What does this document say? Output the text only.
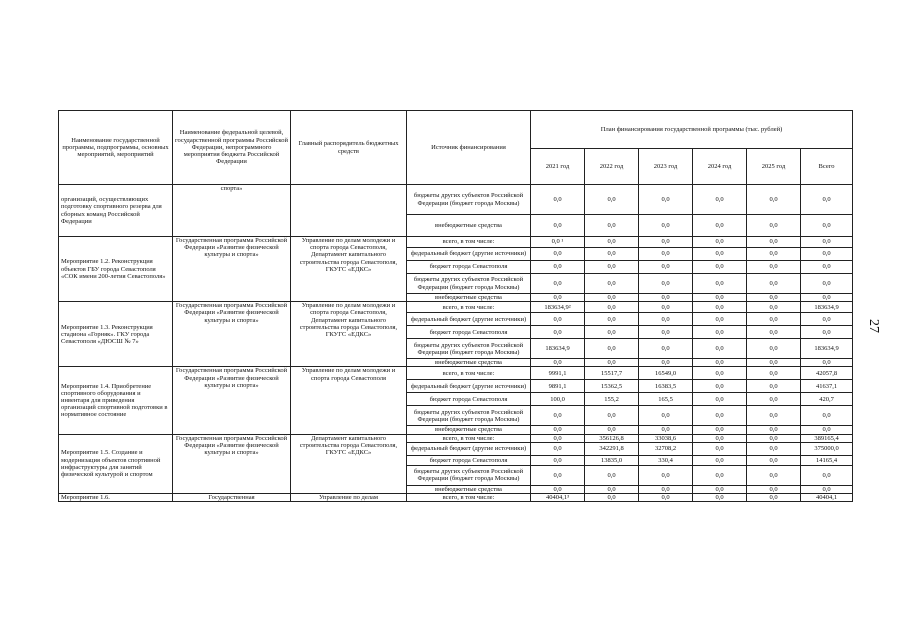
Наименование государственной программы, подпрограммы, основных мероприятий, мероприятий	Наименование федеральной целевой, государственной программы Российской Федерации, непрограммного мероприятия бюджета Российской Федерации	Главный распорядитель бюджетных средств	Источник финансирования	План финансирования государственной программы (тыс. рублей)					
				2021 год	2022 год	2023 год	2024 год	2025 год	Всего
организаций, осуществляющих подготовку спортивного резерва для сборных команд Российской Федерации	спорта»		бюджеты других субъектов Российской Федерации (бюджет города Москвы)	0,0	0,0	0,0	0,0	0,0	0,0
			внебюджетные средства	0,0	0,0	0,0	0,0	0,0	0,0
Мероприятие 1.2. Реконструкция объектов ГБУ города Севастополя «СОК имени 200-летия Севастополя»	Государственная программа Российской Федерации «Развитие физической культуры и спорта»	Управление по делам молодежи и спорта города Севастополя, Департамент капитального строительства города Севастополя, ГКУГС «ЕДКС»	всего, в том числе:	0,0 ¹	0,0	0,0	0,0	0,0	0,0
			федеральный бюджет (другие источники)	0,0	0,0	0,0	0,0	0,0	0,0
			бюджет города Севастополя	0,0	0,0	0,0	0,0	0,0	0,0
			бюджеты других субъектов Российской Федерации (бюджет города Москвы)	0,0	0,0	0,0	0,0	0,0	0,0
			внебюджетные средства	0,0	0,0	0,0	0,0	0,0	0,0
Мероприятие 1.3. Реконструкция стадиона «Горняк». ГКУ города Севастополя «ДЮСШ № 7»	Государственная программа Российской Федерации «Развитие физической культуры и спорта»	Управление по делам молодежи и спорта города Севастополя, Департамент капитального строительства города Севастополя, ГКУГС «ЕДКС»	всего, в том числе:	183634,9²	0,0	0,0	0,0	0,0	183634,9
			федеральный бюджет (другие источники)	0,0	0,0	0,0	0,0	0,0	0,0
			бюджет города Севастополя	0,0	0,0	0,0	0,0	0,0	0,0
			бюджеты других субъектов Российской Федерации (бюджет города Москвы)	183634,9	0,0	0,0	0,0	0,0	183634,9
			внебюджетные средства	0,0	0,0	0,0	0,0	0,0	0,0
Мероприятие 1.4. Приобретение спортивного оборудования и инвентаря для приведения организаций спортивной подготовки в нормативное состояние	Государственная программа Российской Федерации «Развитие физической культуры и спорта»	Управление по делам молодежи и спорта города Севастополя	всего, в том числе:	9991,1	15517,7	16549,0	0,0	0,0	42057,8
			федеральный бюджет (другие источники)	9891,1	15362,5	16383,5	0,0	0,0	41637,1
			бюджет города Севастополя	100,0	155,2	165,5	0,0	0,0	420,7
			бюджеты других субъектов Российской Федерации (бюджет города Москвы)	0,0	0,0	0,0	0,0	0,0	0,0
			внебюджетные средства	0,0	0,0	0,0	0,0	0,0	0,0
Мероприятие 1.5. Создание и модернизация объектов спортивной инфраструктуры для занятий физической культурой и спортом	Государственная программа Российской Федерации «Развитие физической культуры и спорта»	Департамент капитального строительства города Севастополя, ГКУГС «ЕДКС»	всего, в том числе:	0,0	356126,8	33038,6	0,0	0,0	389165,4
			федеральный бюджет (другие источники)	0,0	342291,8	32708,2	0,0	0,0	375000,0
			бюджет города Севастополя	0,0	13835,0	330,4	0,0	0,0	14165,4
			бюджеты других субъектов Российской Федерации (бюджет города Москвы)	0,0	0,0	0,0	0,0	0,0	0,0
			внебюджетные средства	0,0	0,0	0,0	0,0	0,0	0,0
Мероприятие 1.6.	Государственная	Управление по делам	всего, в том числе:	40404,1³	0,0	0,0	0,0	0,0	40404,1
27
